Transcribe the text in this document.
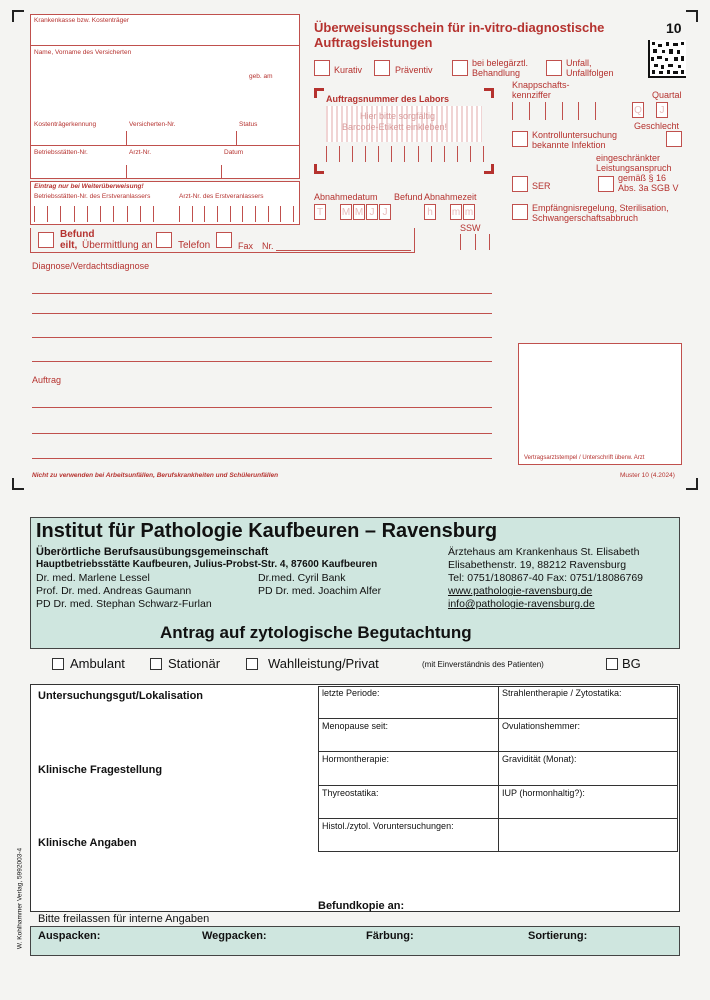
Krankenkasse bzw. Kostenträger
Name, Vorname des Versicherten
geb. am
Kostenträgerkennung	Versicherten-Nr.	Status
Betriebsstätten-Nr.	Arzt-Nr.	Datum
Eintrag nur bei Weiterüberweisung!
Betriebsstätten-Nr. des Erstveranlassers	Arzt-Nr. des Erstveranlassers
Befund
eilt, Übermittlung an	Telefon	Fax Nr.
Überweisungsschein für in-vitro-diagnostische
Auftragsleistungen
10
Kurativ	Präventiv
bei belegärztl.
Behandlung
Unfall,
Unfallfolgen
Auftragsnummer des Labors
Hier bitte sorgfältig
Barcode-Etikett einkleben!
Knappschafts-
kennziffer	Quartal
Q	J
Geschlecht
Kontrolluntersuchung
bekannte Infektion
eingeschränkter
Leistungsanspruch
SER
gemäß § 16
Abs. 3a SGB V
Abnahmedatum Befund Abnahmezeit
T M M J J	h	m m
SSW
Empfängnisregelung, Sterilisation,
Schwangerschaftsabbruch
Diagnose/Verdachtsdiagnose
Auftrag
Vertragsarztstempel / Unterschrift überw. Arzt
Nicht zu verwenden bei Arbeitsunfällen, Berufskrankheiten und Schülerunfällen	Muster 10 (4.2024)
Institut für Pathologie Kaufbeuren – Ravensburg
Überörtliche Berufsausübungsgemeinschaft
Hauptbetriebsstätte Kaufbeuren, Julius-Probst-Str. 4, 87600 Kaufbeuren
Dr. med. Marlene Lessel	Dr.med. Cyril Bank
Prof. Dr. med. Andreas Gaumann	PD Dr. med. Joachim Alfer
PD Dr. med. Stephan Schwarz-Furlan
Ärztehaus am Krankenhaus St. Elisabeth
Elisabethenstr. 19, 88212 Ravensburg
Tel: 0751/180867-40 Fax: 0751/18086769
www.pathologie-ravensburg.de
info@pathologie-ravensburg.de
Antrag auf zytologische Begutachtung
Ambulant	Stationär	Wahlleistung/Privat	(mit Einverständnis des Patienten)	BG
Untersuchungsgut/Lokalisation
Klinische Fragestellung
Klinische Angaben
letzte Periode:	Strahlentherapie / Zytostatika:
Menopause seit:	Ovulationshemmer:
Hormontherapie:	Gravidität (Monat):
Thyreostatika:	IUP (hormonhaltig?):
Histol./zytol. Voruntersuchungen:
Befundkopie an:
Bitte freilassen für interne Angaben
Auspacken:	Wegpacken:	Färbung:	Sortierung:
W. Kohlhammer Verlag, 5992003-4
